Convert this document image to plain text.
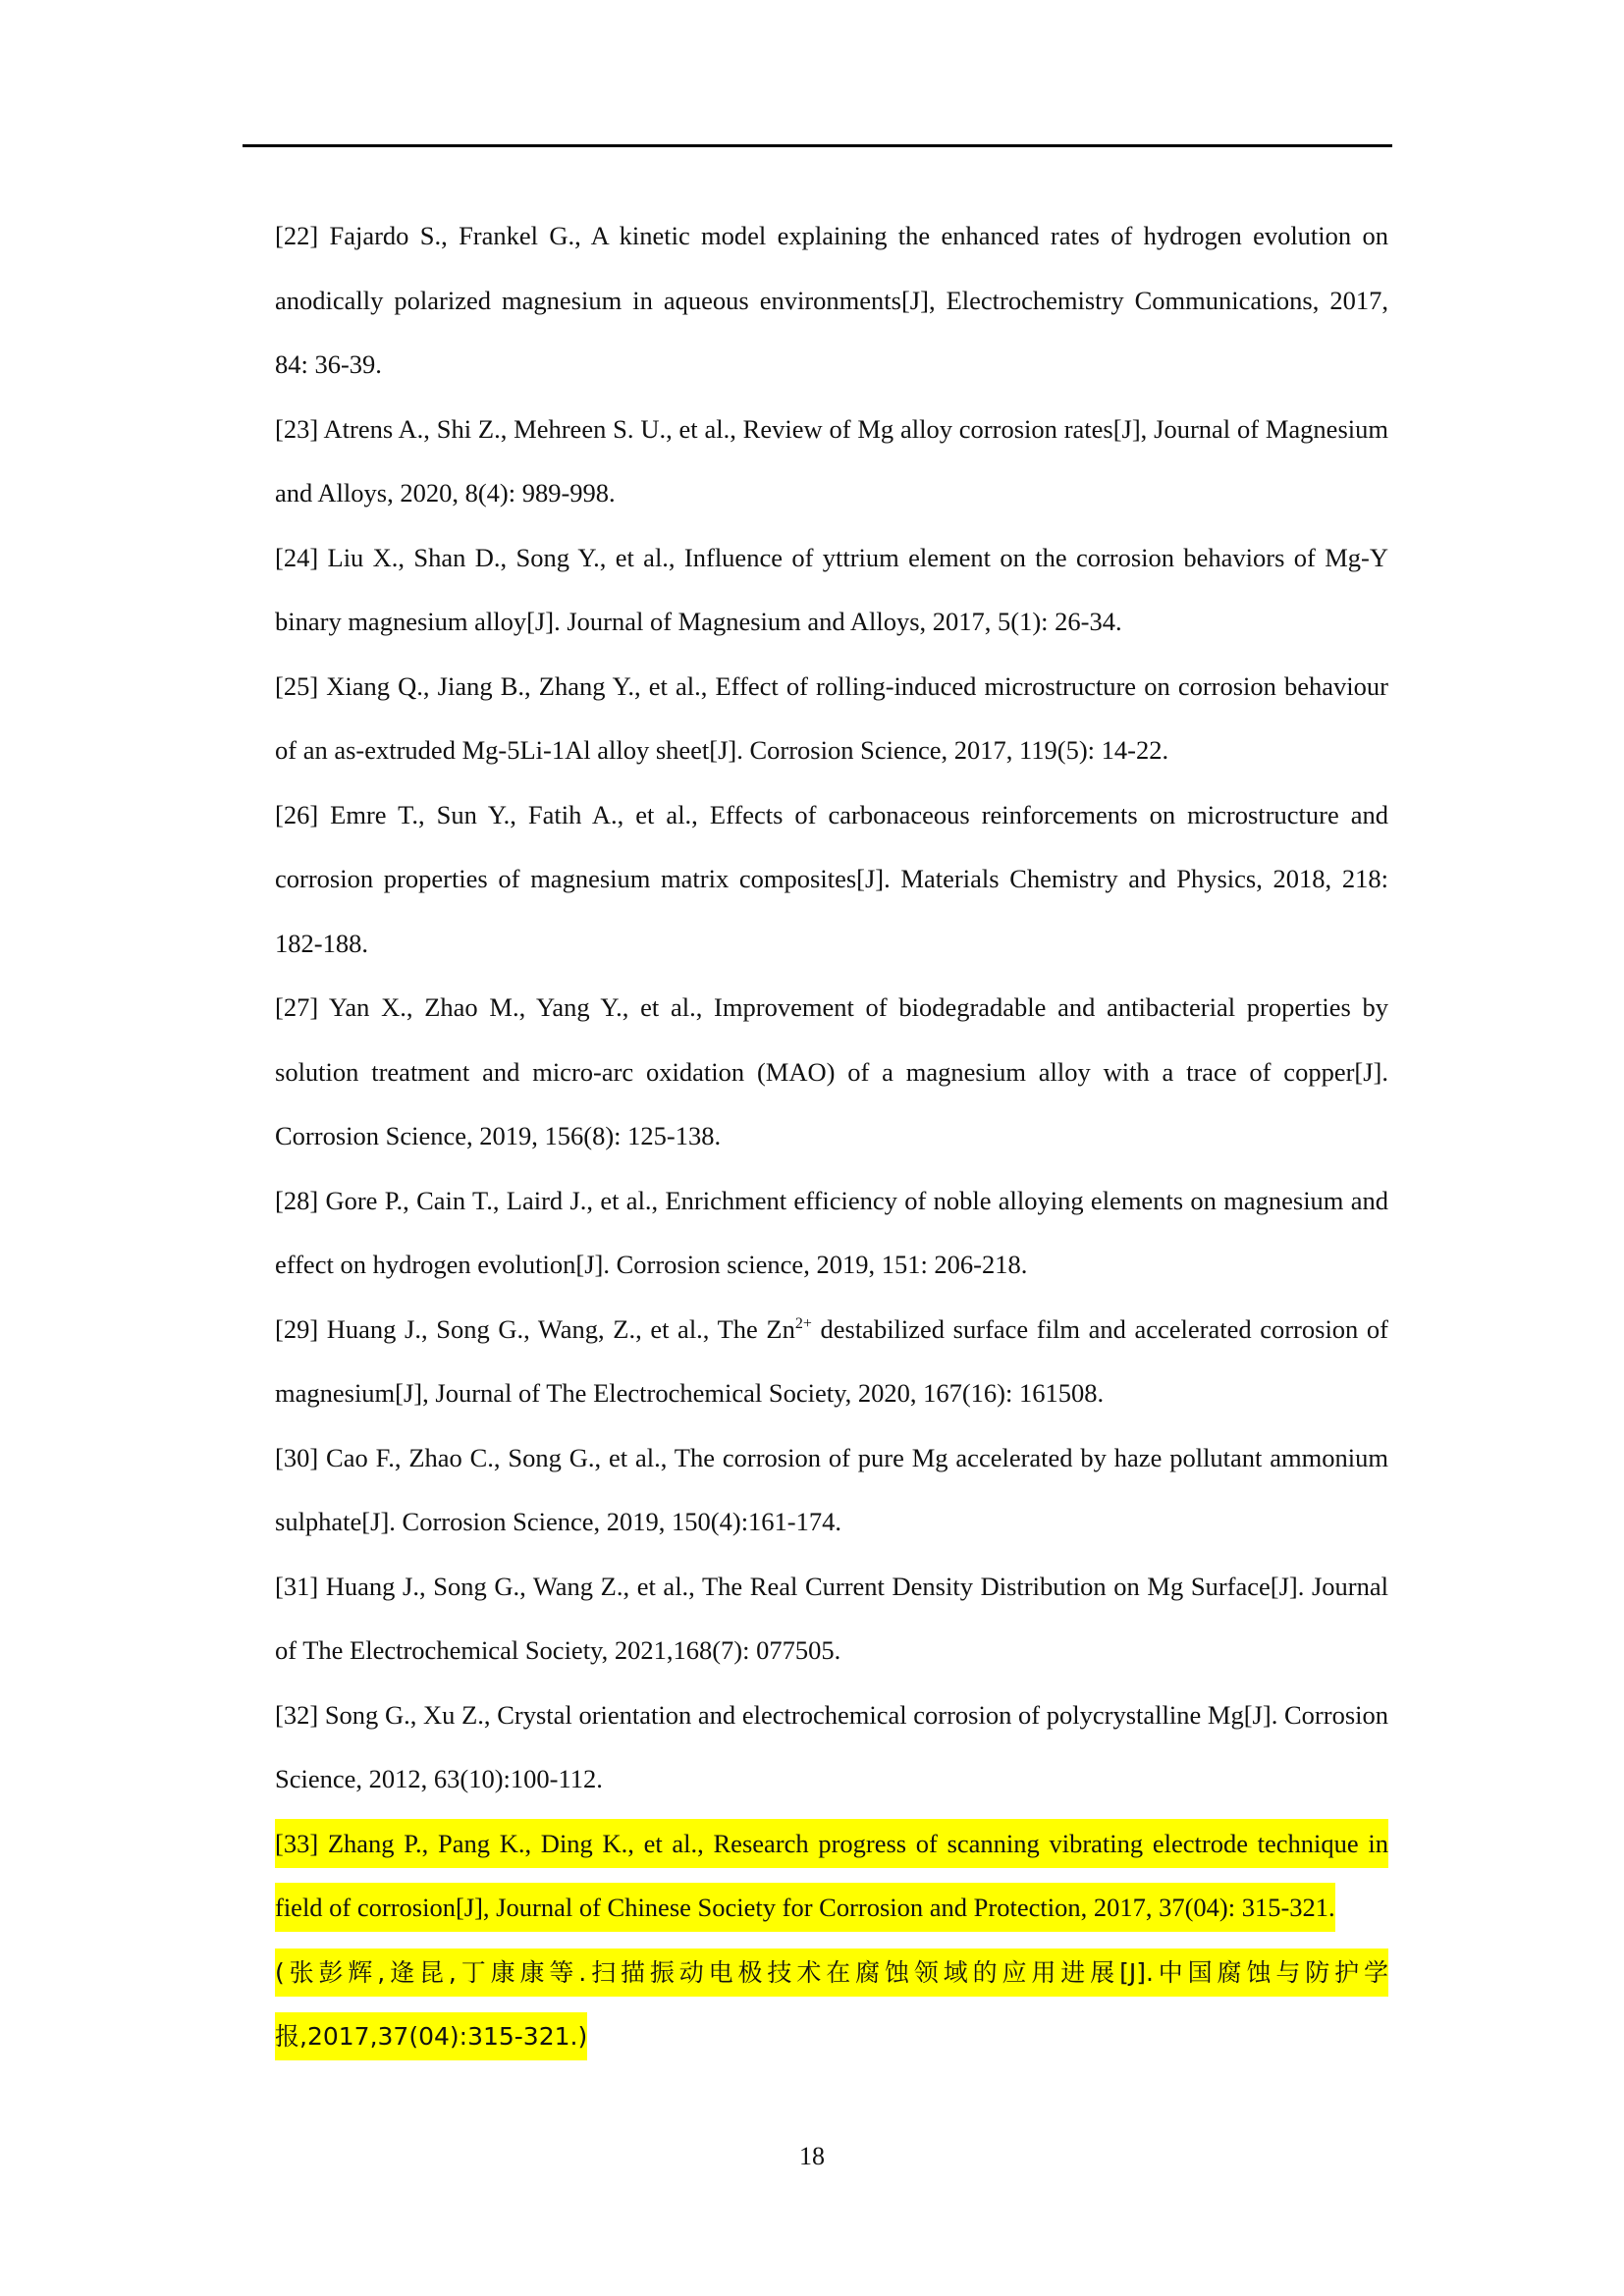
[22] Fajardo S., Frankel G., A kinetic model explaining the enhanced rates of hydrogen evolution on anodically polarized magnesium in aqueous environments[J], Electrochemistry Communications, 2017, 84: 36-39.

[23] Atrens A., Shi Z., Mehreen S. U., et al., Review of Mg alloy corrosion rates[J], Journal of Magnesium and Alloys, 2020, 8(4): 989-998.

[24] Liu X., Shan D., Song Y., et al., Influence of yttrium element on the corrosion behaviors of Mg-Y binary magnesium alloy[J]. Journal of Magnesium and Alloys, 2017, 5(1): 26-34.

[25] Xiang Q., Jiang B., Zhang Y., et al., Effect of rolling-induced microstructure on corrosion behaviour of an as-extruded Mg-5Li-1Al alloy sheet[J]. Corrosion Science, 2017, 119(5): 14-22.

[26] Emre T., Sun Y., Fatih A., et al., Effects of carbonaceous reinforcements on microstructure and corrosion properties of magnesium matrix composites[J]. Materials Chemistry and Physics, 2018, 218: 182-188.

[27] Yan X., Zhao M., Yang Y., et al., Improvement of biodegradable and antibacterial properties by solution treatment and micro-arc oxidation (MAO) of a magnesium alloy with a trace of copper[J]. Corrosion Science, 2019, 156(8): 125-138.

[28] Gore P., Cain T., Laird J., et al., Enrichment efficiency of noble alloying elements on magnesium and effect on hydrogen evolution[J]. Corrosion science, 2019, 151: 206-218.

[29] Huang J., Song G., Wang, Z., et al., The $Zn^{2+}$ destabilized surface film and accelerated corrosion of magnesium[J], Journal of The Electrochemical Society, 2020, 167(16): 161508.

[30] Cao F., Zhao C., Song G., et al., The corrosion of pure Mg accelerated by haze pollutant ammonium sulphate[J]. Corrosion Science, 2019, 150(4):161-174.

[31] Huang J., Song G., Wang Z., et al., The Real Current Density Distribution on Mg Surface[J]. Journal of The Electrochemical Society, 2021,168(7): 077505.

[32] Song G., Xu Z., Crystal orientation and electrochemical corrosion of polycrystalline Mg[J]. Corrosion Science, 2012, 63(10):100-112.

[33] Zhang P., Pang K., Ding K., et al., Research progress of scanning vibrating electrode technique in field of corrosion[J], Journal of Chinese Society for Corrosion and Protection, 2017, 37(04): 315-321.

(张彭辉,逄昆,丁康康等.扫描振动电极技术在腐蚀领域的应用进展[J].中国腐蚀与防护学报,2017,37(04):315-321.)

18
